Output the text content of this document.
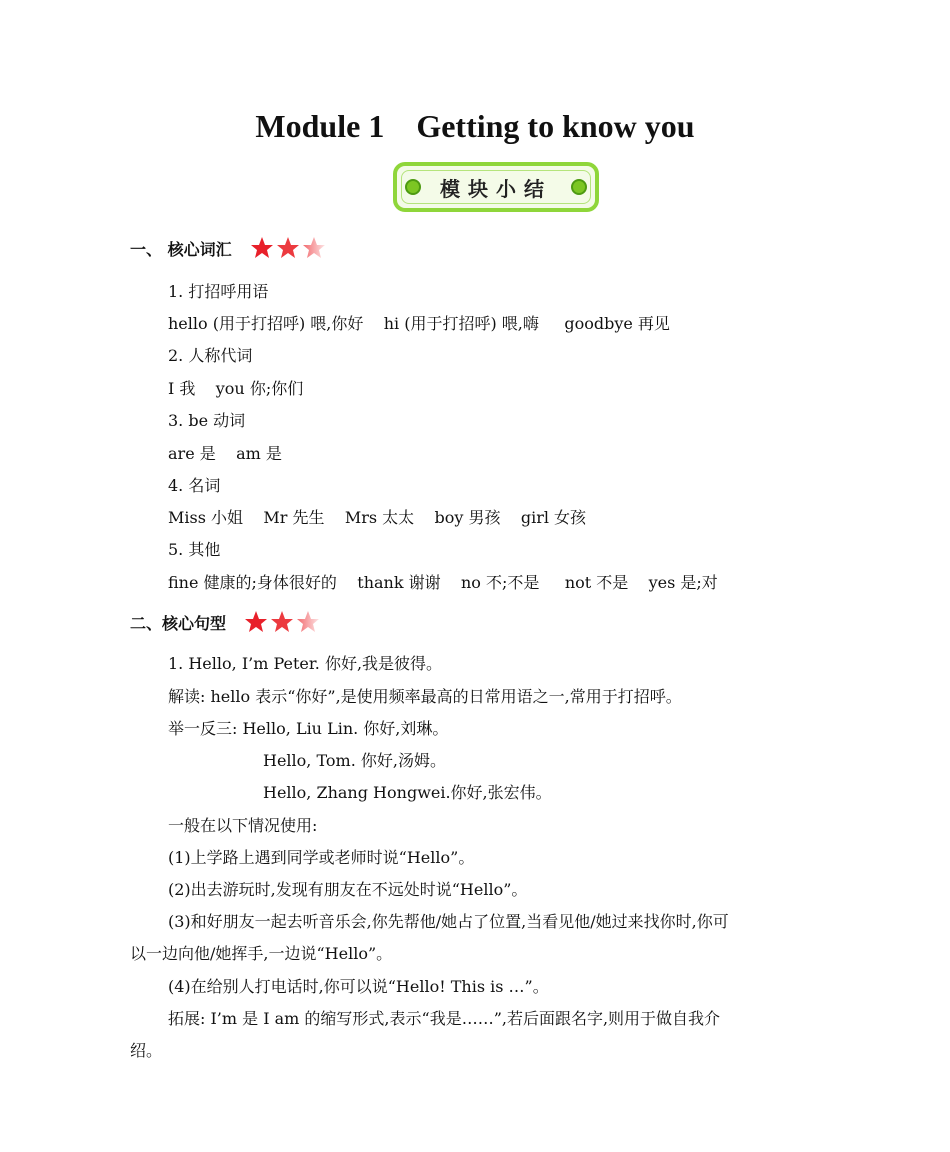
Module 1    Getting to know you
模块小结
一、 核心词汇
1. 打招呼用语
hello (用于打招呼) 喂,你好    hi (用于打招呼) 喂,嗨     goodbye 再见
2. 人称代词
I 我    you 你;你们
3. be 动词
are 是    am 是
4. 名词
Miss 小姐    Mr 先生    Mrs 太太    boy 男孩    girl 女孩
5. 其他
fine 健康的;身体很好的    thank 谢谢    no 不;不是     not 不是    yes 是;对
二、核心句型
1. Hello, I’m Peter. 你好,我是彼得。
解读: hello 表示“你好”,是使用频率最高的日常用语之一,常用于打招呼。
举一反三: Hello, Liu Lin. 你好,刘琳。
Hello, Tom. 你好,汤姆。
Hello, Zhang Hongwei.你好,张宏伟。
一般在以下情况使用:
(1)上学路上遇到同学或老师时说“Hello”。
(2)出去游玩时,发现有朋友在不远处时说“Hello”。
(3)和好朋友一起去听音乐会,你先帮他/她占了位置,当看见他/她过来找你时,你可
以一边向他/她挥手,一边说“Hello”。
(4)在给别人打电话时,你可以说“Hello! This is …”。
拓展: I’m 是 I am 的缩写形式,表示“我是……”,若后面跟名字,则用于做自我介
绍。
